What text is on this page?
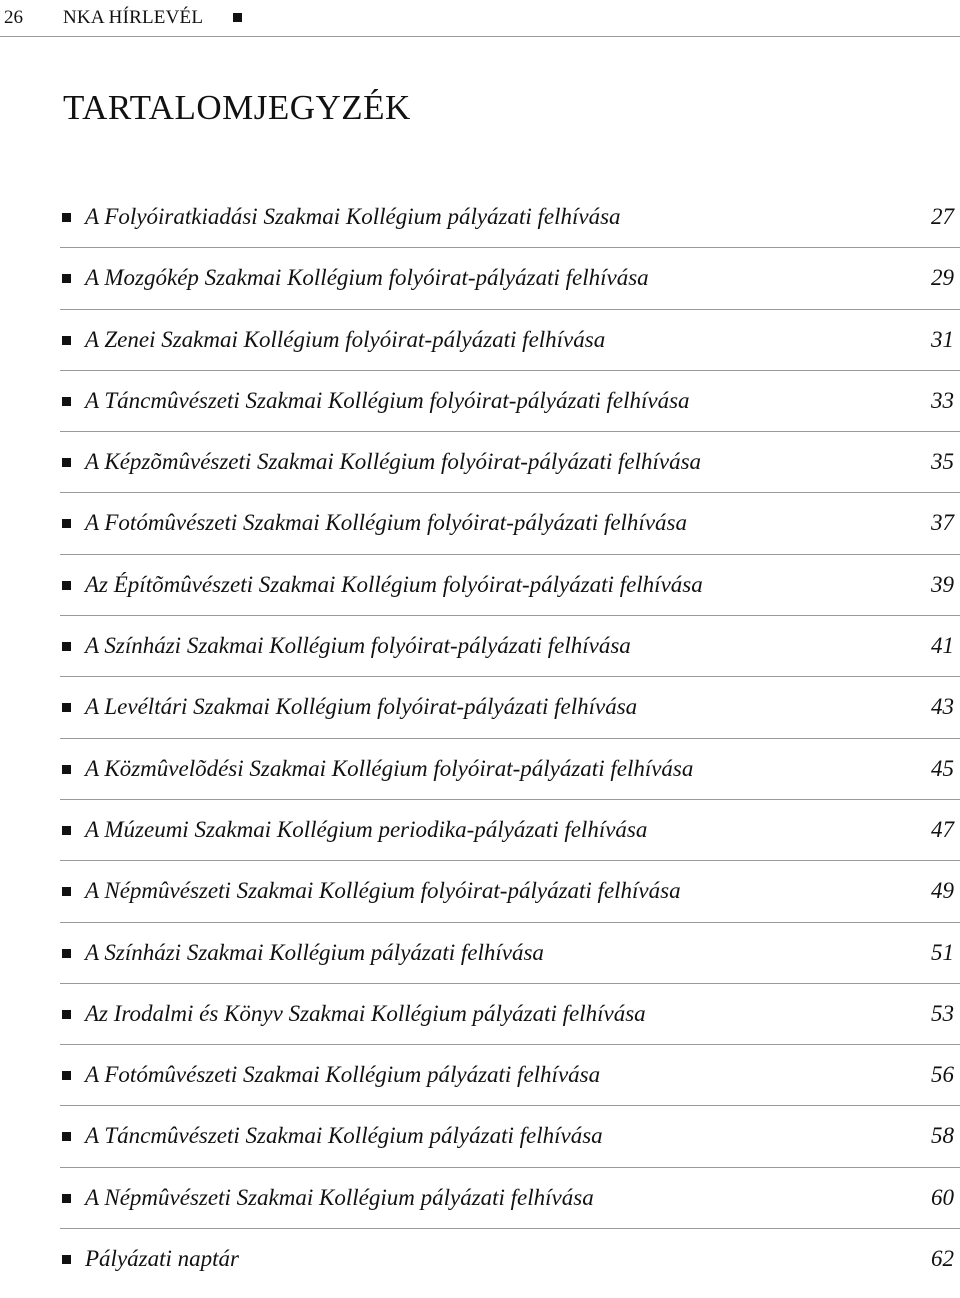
26 NKA HÍRLEVÉL
TARTALOMJEGYZÉK
A Folyóiratkiadási Szakmai Kollégium pályázati felhívása	27
A Mozgókép Szakmai Kollégium folyóirat-pályázati felhívása	29
A Zenei Szakmai Kollégium folyóirat-pályázati felhívása	31
A Táncmûvészeti Szakmai Kollégium folyóirat-pályázati felhívása	33
A Képzõmûvészeti Szakmai Kollégium folyóirat-pályázati felhívása	35
A Fotómûvészeti Szakmai Kollégium folyóirat-pályázati felhívása	37
Az Építõmûvészeti Szakmai Kollégium folyóirat-pályázati felhívása	39
A Színházi Szakmai Kollégium folyóirat-pályázati felhívása	41
A Levéltári Szakmai Kollégium folyóirat-pályázati felhívása	43
A Közmûvelõdési Szakmai Kollégium folyóirat-pályázati felhívása	45
A Múzeumi Szakmai Kollégium periodika-pályázati felhívása	47
A Népmûvészeti Szakmai Kollégium folyóirat-pályázati felhívása	49
A Színházi Szakmai Kollégium pályázati felhívása	51
Az Irodalmi és Könyv Szakmai Kollégium pályázati felhívása	53
A Fotómûvészeti Szakmai Kollégium pályázati felhívása	56
A Táncmûvészeti Szakmai Kollégium pályázati felhívása	58
A Népmûvészeti Szakmai Kollégium pályázati felhívása	60
Pályázati naptár	62
